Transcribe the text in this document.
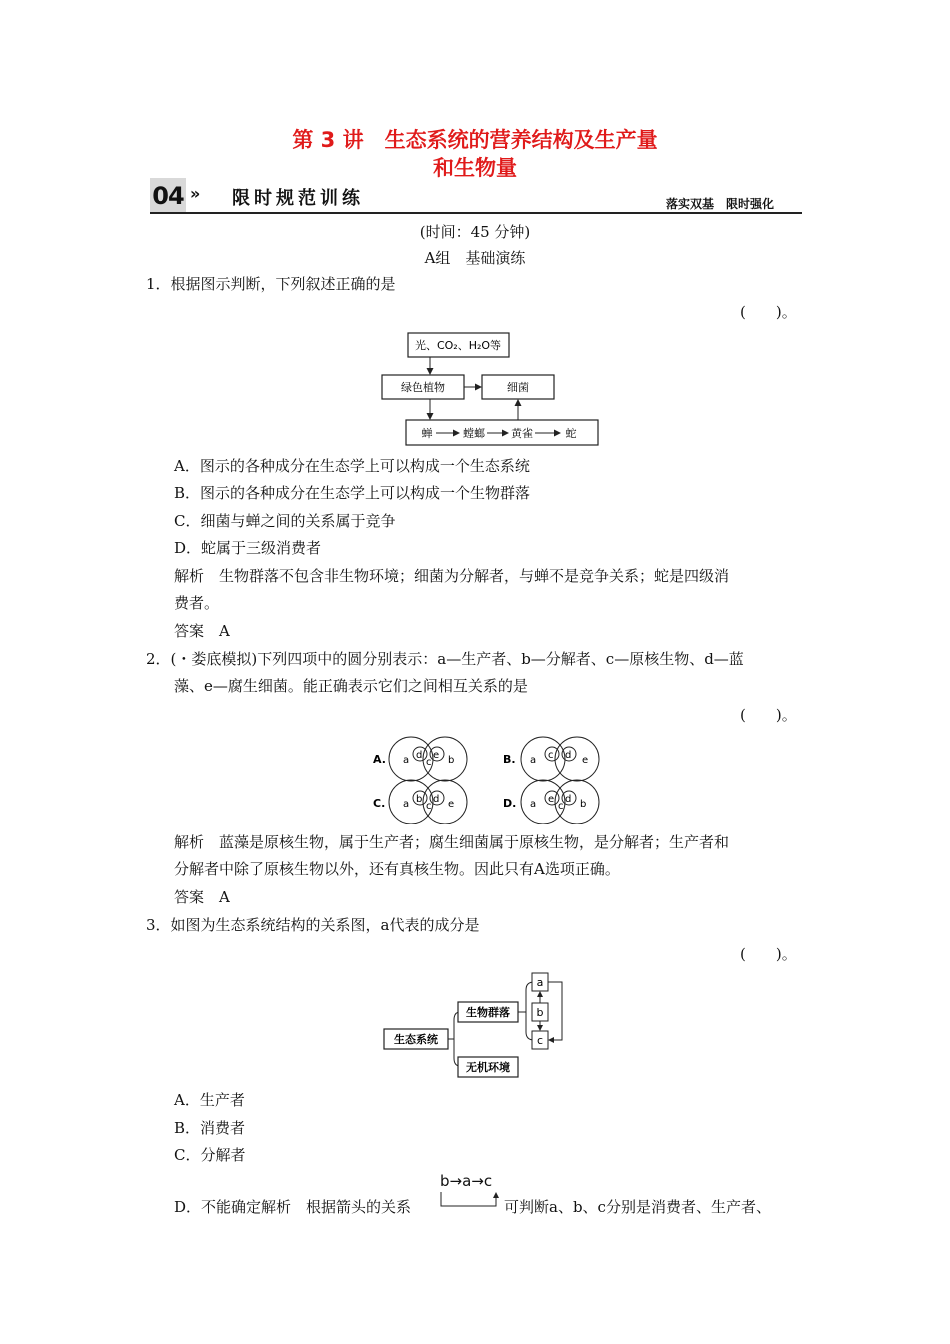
第 3 讲　生态系统的营养结构及生产量
和生物量
04 » 限时规范训练	落实双基　限时强化
(时间：45 分钟)
A组　基础演练
1．根据图示判断，下列叙述正确的是
(　　)。
光、CO₂、H₂O等
绿色植物	细菌
蝉	螳螂 黄雀	蛇
A．图示的各种成分在生态学上可以构成一个生态系统
B．图示的各种成分在生态学上可以构成一个生物群落
C．细菌与蝉之间的关系属于竞争
D．蛇属于三级消费者
解析　生物群落不包含非生物环境；细菌为分解者，与蝉不是竞争关系；蛇是四级消
费者。
答案　A
2．(・娄底模拟)下列四项中的圆分别表示：a—生产者、b—分解者、c—原核生物、d—蓝
藻、e—腐生细菌。能正确表示它们之间相互关系的是
(　　)。
A. a d
c
e b	B. a c d e
C. a b
c
d e	D. a e
c
d b
解析　蓝藻是原核生物，属于生产者；腐生细菌属于原核生物，是分解者；生产者和
分解者中除了原核生物以外，还有真核生物。因此只有A选项正确。
答案　A
3．如图为生态系统结构的关系图，a代表的成分是
(　　)。
生态系统
生物群落
无机环境
a
b
c
A．生产者
B．消费者
C．分解者
D．不能确定解析　根据箭头的关系
b→a→c
可判断a、b、c分别是消费者、生产者、
